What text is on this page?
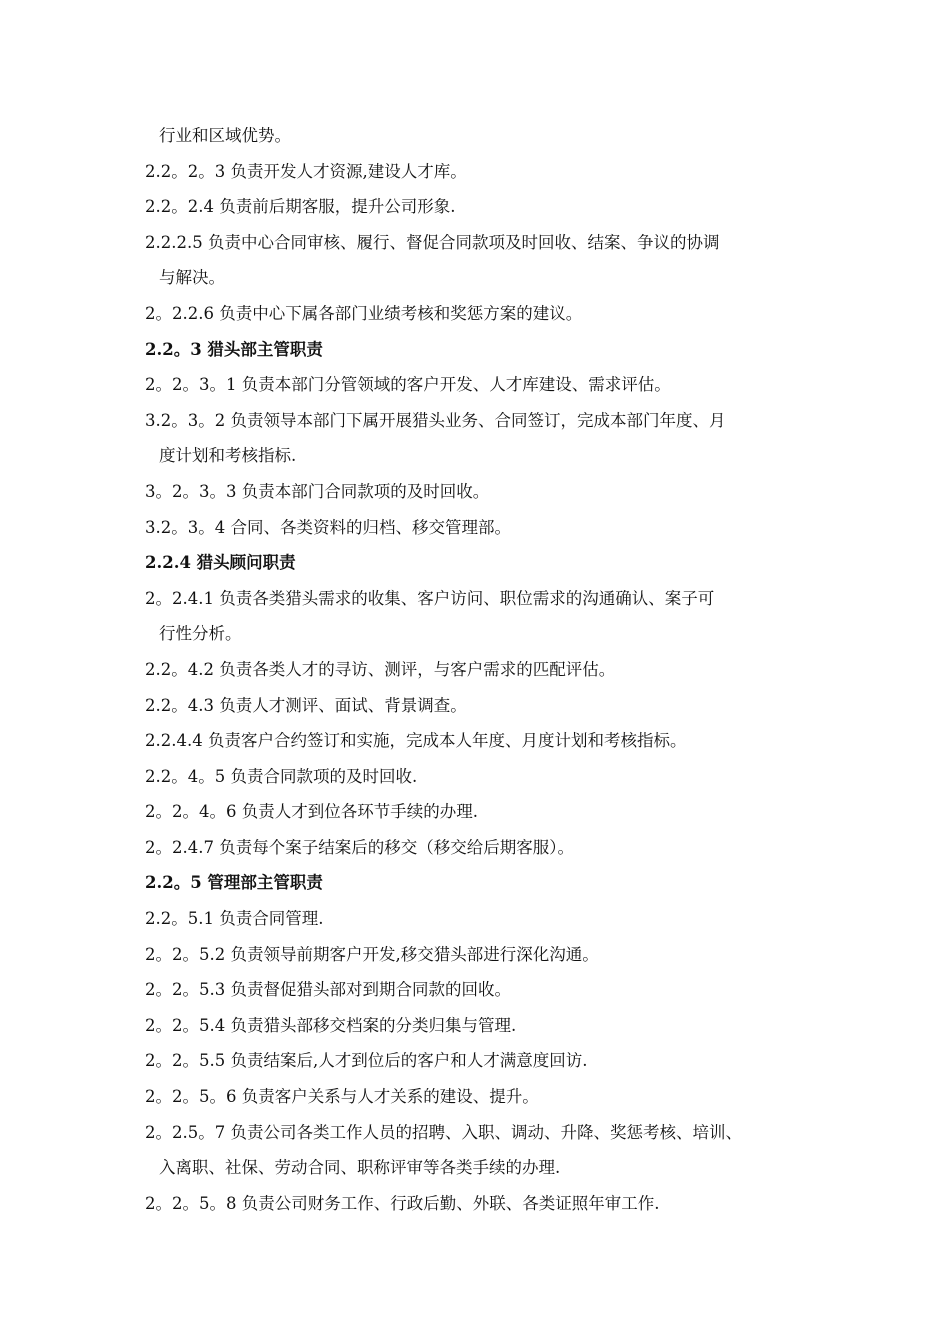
行业和区域优势。
2.2。2。3 负责开发人才资源,建设人才库。
2.2。2.4 负责前后期客服，提升公司形象.
2.2.2.5 负责中心合同审核、履行、督促合同款项及时回收、结案、争议的协调
与解决。
2。2.2.6 负责中心下属各部门业绩考核和奖惩方案的建议。
2.2。3 猎头部主管职责
2。2。3。1 负责本部门分管领域的客户开发、人才库建设、需求评估。
3.2。3。2 负责领导本部门下属开展猎头业务、合同签订，完成本部门年度、月
度计划和考核指标.
3。2。3。3 负责本部门合同款项的及时回收。
3.2。3。4 合同、各类资料的归档、移交管理部。
2.2.4 猎头顾问职责
2。2.4.1 负责各类猎头需求的收集、客户访问、职位需求的沟通确认、案子可
行性分析。
2.2。4.2 负责各类人才的寻访、测评，与客户需求的匹配评估。
2.2。4.3 负责人才测评、面试、背景调查。
2.2.4.4 负责客户合约签订和实施，完成本人年度、月度计划和考核指标。
2.2。4。5 负责合同款项的及时回收.
2。2。4。6 负责人才到位各环节手续的办理.
2。2.4.7 负责每个案子结案后的移交（移交给后期客服）。
2.2。5 管理部主管职责
2.2。5.1 负责合同管理.
2。2。5.2 负责领导前期客户开发,移交猎头部进行深化沟通。
2。2。5.3 负责督促猎头部对到期合同款的回收。
2。2。5.4 负责猎头部移交档案的分类归集与管理.
2。2。5.5 负责结案后,人才到位后的客户和人才满意度回访.
2。2。5。6 负责客户关系与人才关系的建设、提升。
2。2.5。7 负责公司各类工作人员的招聘、入职、调动、升降、奖惩考核、培训、
入离职、社保、劳动合同、职称评审等各类手续的办理.
2。2。5。8 负责公司财务工作、行政后勤、外联、各类证照年审工作.
